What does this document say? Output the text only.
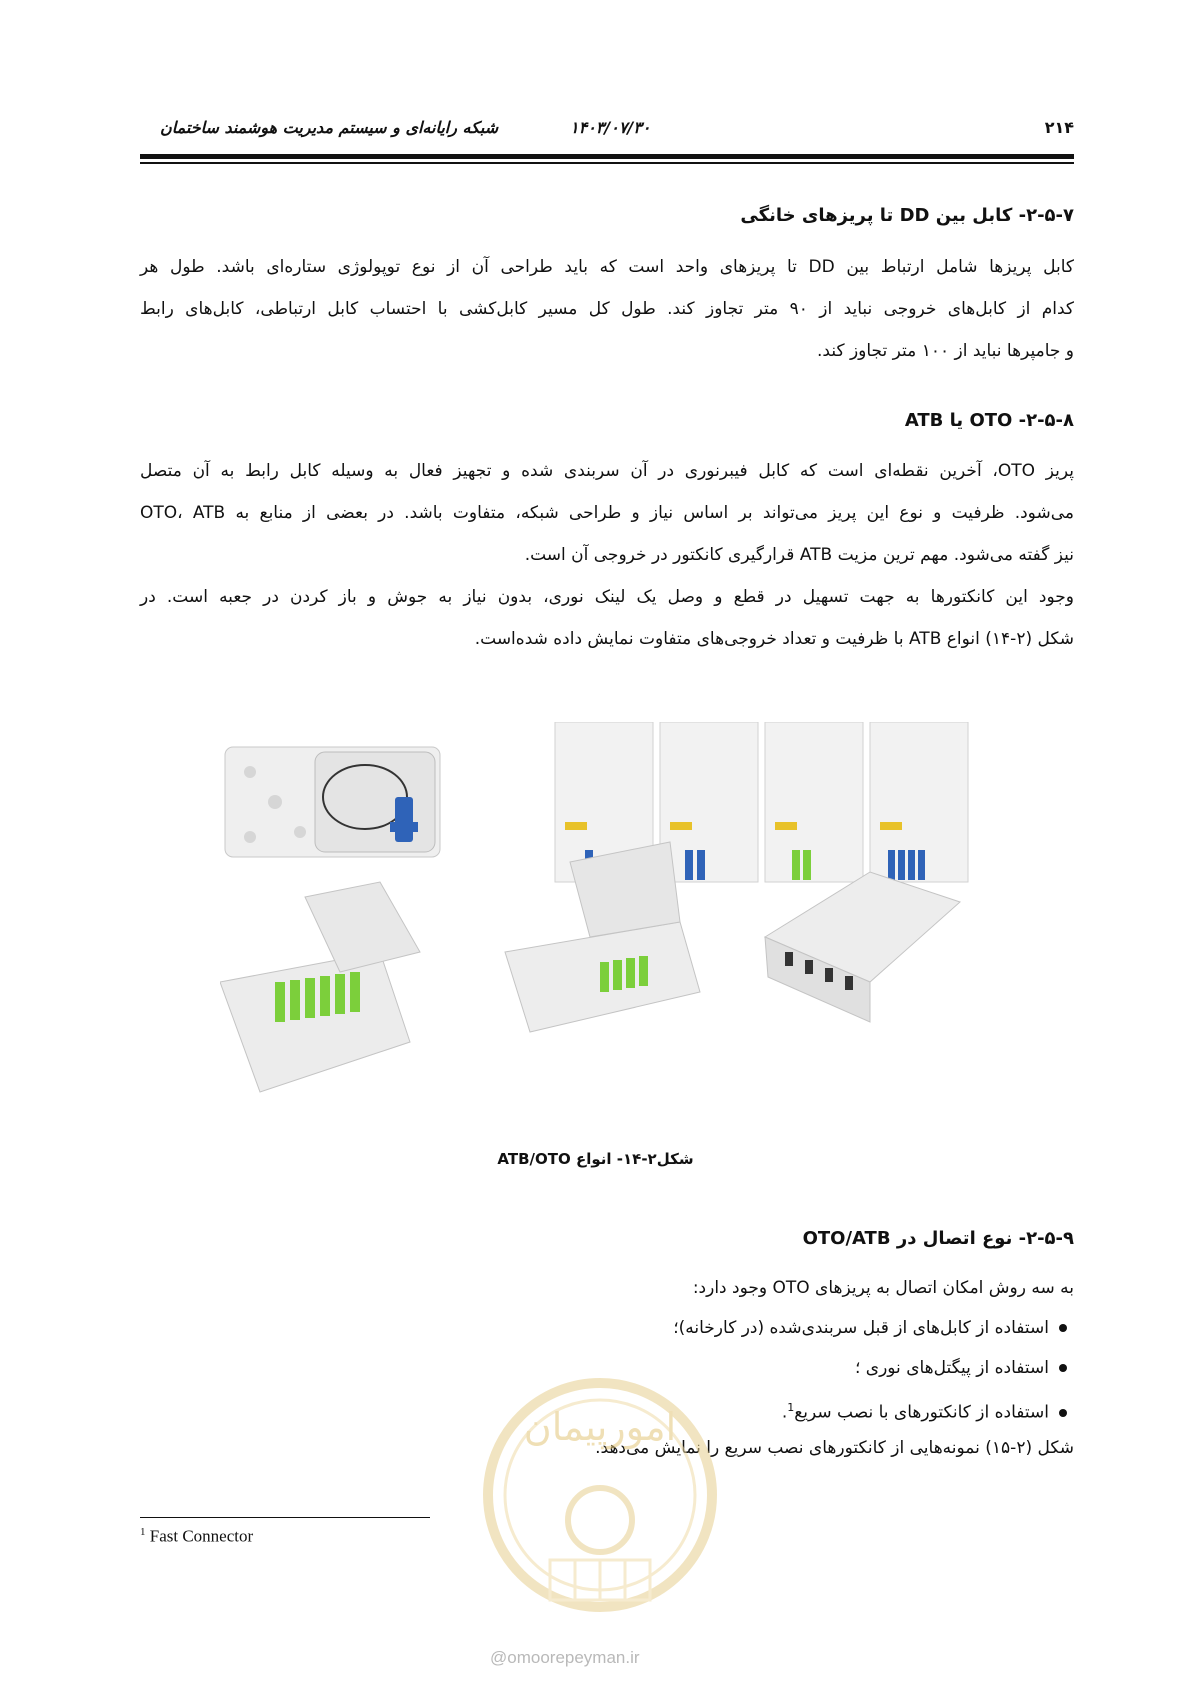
۲۱۴
۱۴۰۳/۰۷/۳۰
شبکه رایانه‌ای و سیستم مدیریت هوشمند ساختمان
۲-۵-۷- کابل بین DD تا پریزهای خانگی
کابل پریزها شامل ارتباط بین DD تا پریزهای واحد است که باید طراحی آن از نوع توپولوژی ستاره‌ای باشد. طول هر
کدام از کابل‌های خروجی نباید از ۹۰ متر تجاوز کند. طول کل مسیر کابل‌کشی با احتساب کابل ارتباطی، کابل‌های رابط
و جامپرها نباید از ۱۰۰ متر تجاوز کند.
۲-۵-۸- OTO یا ATB
پریز OTO، آخرین نقطه‌ای است که کابل فیبرنوری در آن سربندی شده و تجهیز فعال به وسیله کابل رابط به آن متصل
می‌شود. ظرفیت و نوع این پریز می‌تواند بر اساس نیاز و طراحی شبکه، متفاوت باشد. در بعضی از منابع به OTO، ATB
نیز گفته می‌شود. مهم ترین مزیت ATB قرارگیری کانکتور در خروجی آن است.
وجود این کانکتورها به جهت تسهیل در قطع و وصل یک لینک نوری، بدون نیاز به جوش و باز کردن در جعبه است. در
شکل (۲-۱۴) انواع ATB با ظرفیت و تعداد خروجی‌های متفاوت نمایش داده شده‌است.
شکل۲-۱۴- انواع ATB/OTO
۲-۵-۹- نوع اتصال در OTO/ATB
به سه روش امکان اتصال به پریزهای OTO وجود دارد:
استفاده از کابل‌های از قبل سربندی‌شده (در کارخانه)؛
استفاده از پیگتل‌های نوری ؛
استفاده از کانکتورهای با نصب سریع$^1$.
شکل (۲-۱۵) نمونه‌هایی از کانکتورهای نصب سریع را نمایش می‌دهد.
$^1$ Fast Connector
امورپیمان
@omoorepeyman.ir
